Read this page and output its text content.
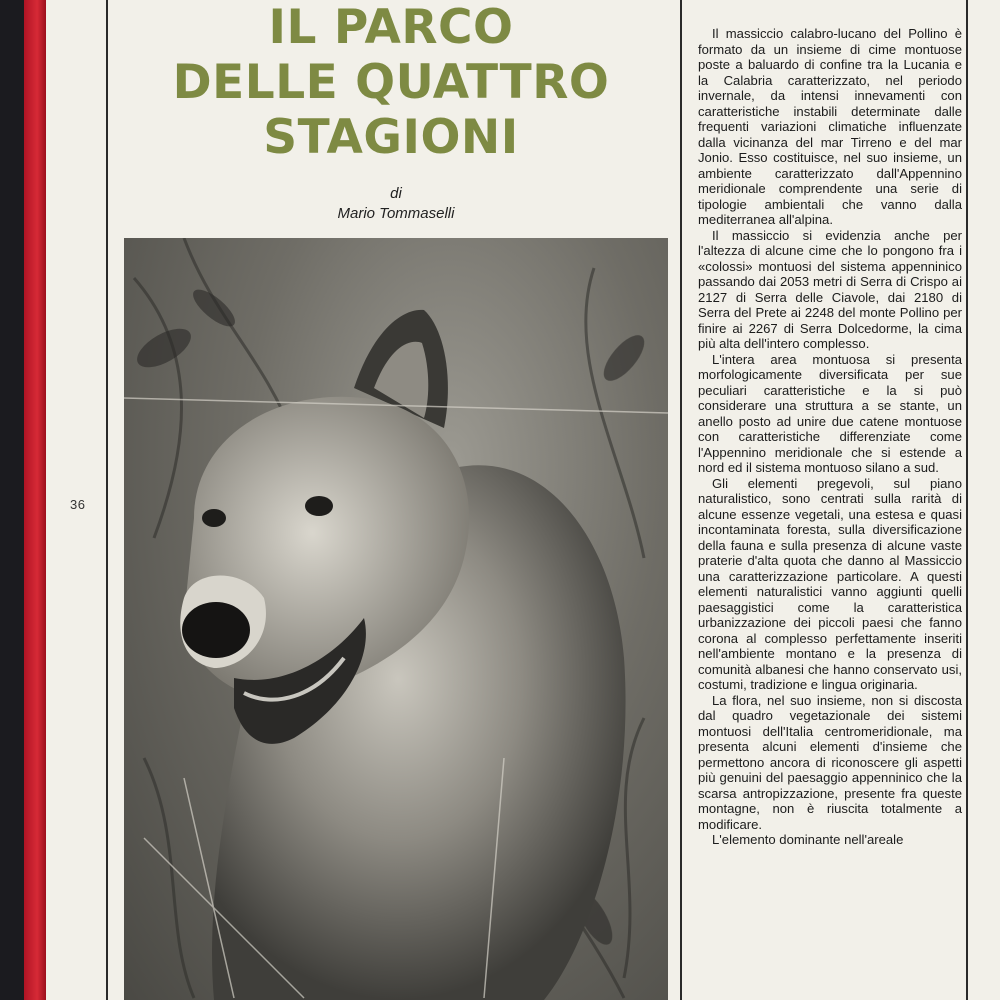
36
IL PARCO
DELLE QUATTRO
STAGIONI
di
Mario Tommaselli

Il massiccio calabro-lucano del Pollino è formato da un insieme di cime montuose poste a baluardo di confine tra la Lucania e la Calabria caratterizzato, nel periodo invernale, da intensi innevamenti con caratteristiche instabili determinate dalle frequenti variazioni climatiche influenzate dalla vicinanza del mar Tirreno e del mar Jonio. Esso costituisce, nel suo insieme, un ambiente caratterizzato dall'Appennino meridionale comprendente una serie di tipologie ambientali che vanno dalla mediterranea all'alpina.

Il massiccio si evidenzia anche per l'altezza di alcune cime che lo pongono fra i «colossi» montuosi del sistema appenninico passando dai 2053 metri di Serra di Crispo ai 2127 di Serra delle Ciavole, dai 2180 di Serra del Prete ai 2248 del monte Pollino per finire ai 2267 di Serra Dolcedorme, la cima più alta dell'intero complesso.

L'intera area montuosa si presenta morfologicamente diversificata per sue peculiari caratteristiche e la si può considerare una struttura a se stante, un anello posto ad unire due catene montuose con caratteristiche differenziate come l'Appennino meridionale che si estende a nord ed il sistema montuoso silano a sud.

Gli elementi pregevoli, sul piano naturalistico, sono centrati sulla rarità di alcune essenze vegetali, una estesa e quasi incontaminata foresta, sulla diversificazione della fauna e sulla presenza di alcune vaste praterie d'alta quota che danno al Massiccio una caratterizzazione particolare. A questi elementi naturalistici vanno aggiunti quelli paesaggistici come la caratteristica urbanizzazione dei piccoli paesi che fanno corona al complesso perfettamente inseriti nell'ambiente montano e la presenza di comunità albanesi che hanno conservato usi, costumi, tradizione e lingua originaria.

La flora, nel suo insieme, non si discosta dal quadro vegetazionale dei sistemi montuosi dell'Italia centromeridionale, ma presenta alcuni elementi d'insieme che permettono ancora di riconoscere gli aspetti più genuini del paesaggio appenninico che la scarsa antropizzazione, presente fra queste montagne, non è riuscita totalmente a modificare.

L'elemento dominante nell'areale
